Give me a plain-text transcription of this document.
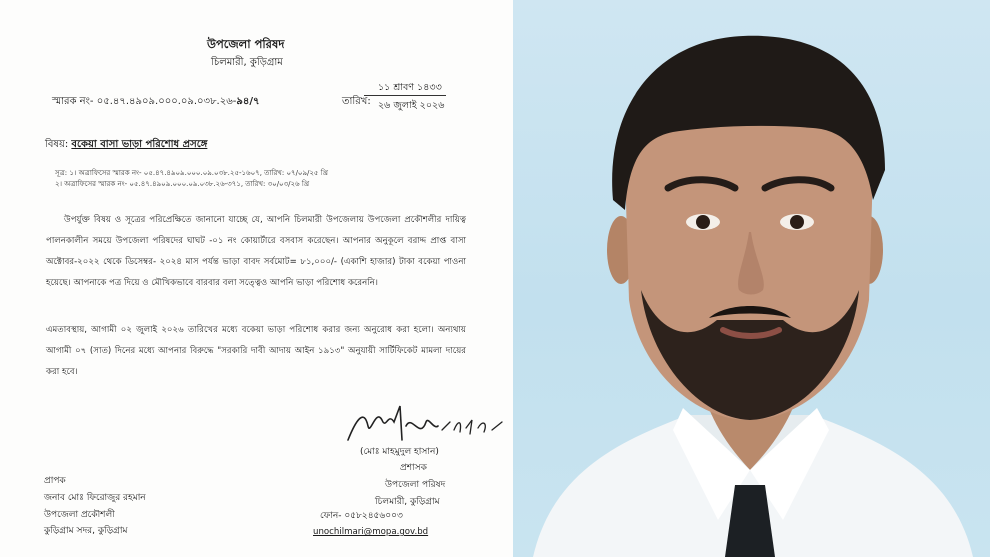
উপজেলা পরিষদ
চিলমারী, কুড়িগ্রাম
স্মারক নং- ০৫.৪৭.৪৯০৯.০০০.০৯.০৩৮.২৬-৯৪/৭	তারিখ:
১১ শ্রাবণ ১৪৩৩
২৬ জুলাই ২০২৬
বিষয়: বকেয়া বাসা ভাড়া পরিশোধ প্রসঙ্গে
সূত্র: ১। অত্রাফিসের স্মারক নং- ০৫.৪৭.৪৯০৯.০০০.০৯.০৩৮.২৫-১৬০৭, তারিখ: ০৭/০৯/২৫ খ্রি
২। অত্রাফিসের স্মারক নং- ০৫.৪৭.৪৯০৯.০০০.০৯.০৩৮.২৬-৩৭১, তারিখ: ৩০/০৩/২৬ খ্রি
উপর্যুক্ত বিষয় ও সূত্রের পরিপ্রেক্ষিতে জানানো যাচ্ছে যে, আপনি চিলমারী উপজেলায় উপজেলা প্রকৌশলীর দায়িত্ব পালনকালীন সময়ে উপজেলা পরিষদের ঘাঘট -০১ নং কোয়ার্টারে বসবাস করেছেন। আপনার অনুকূলে বরাদ্দ প্রাপ্ত বাসা অক্টোবর-২০২২ থেকে ডিসেম্বর- ২০২৪ মাস পর্যন্ত ভাড়া বাবদ সর্বমোট= ৮১,০০০/- (একাশি হাজার) টাকা বকেয়া পাওনা হয়েছে। আপনাকে পত্র দিয়ে ও মৌখিকভাবে বারবার বলা সত্ত্বেও আপনি ভাড়া পরিশোধ করেননি।
এমতাবস্থায়, আগামী ০২ জুলাই ২০২৬ তারিখের মধ্যে বকেয়া ভাড়া পরিশোধ করার জন্য অনুরোধ করা হলো। অন্যথায় আগামী ০৭ (সাত) দিনের মধ্যে আপনার বিরুদ্ধে "সরকারি দাবী আদায় আইন ১৯১৩" অনুযায়ী সার্টিফিকেট মামলা দায়ের করা হবে।
(মোঃ মাহমুদুল হাসান)
প্রশাসক
উপজেলা পরিষদ
চিলমারী, কুড়িগ্রাম
ফোন- ০৫৮২৪৫৬০০৩
unochilmari@mopa.gov.bd
প্রাপক
জনাব মোঃ ফিরোজুর রহমান
উপজেলা প্রকৌশলী
কুড়িগ্রাম সদর, কুড়িগ্রাম
